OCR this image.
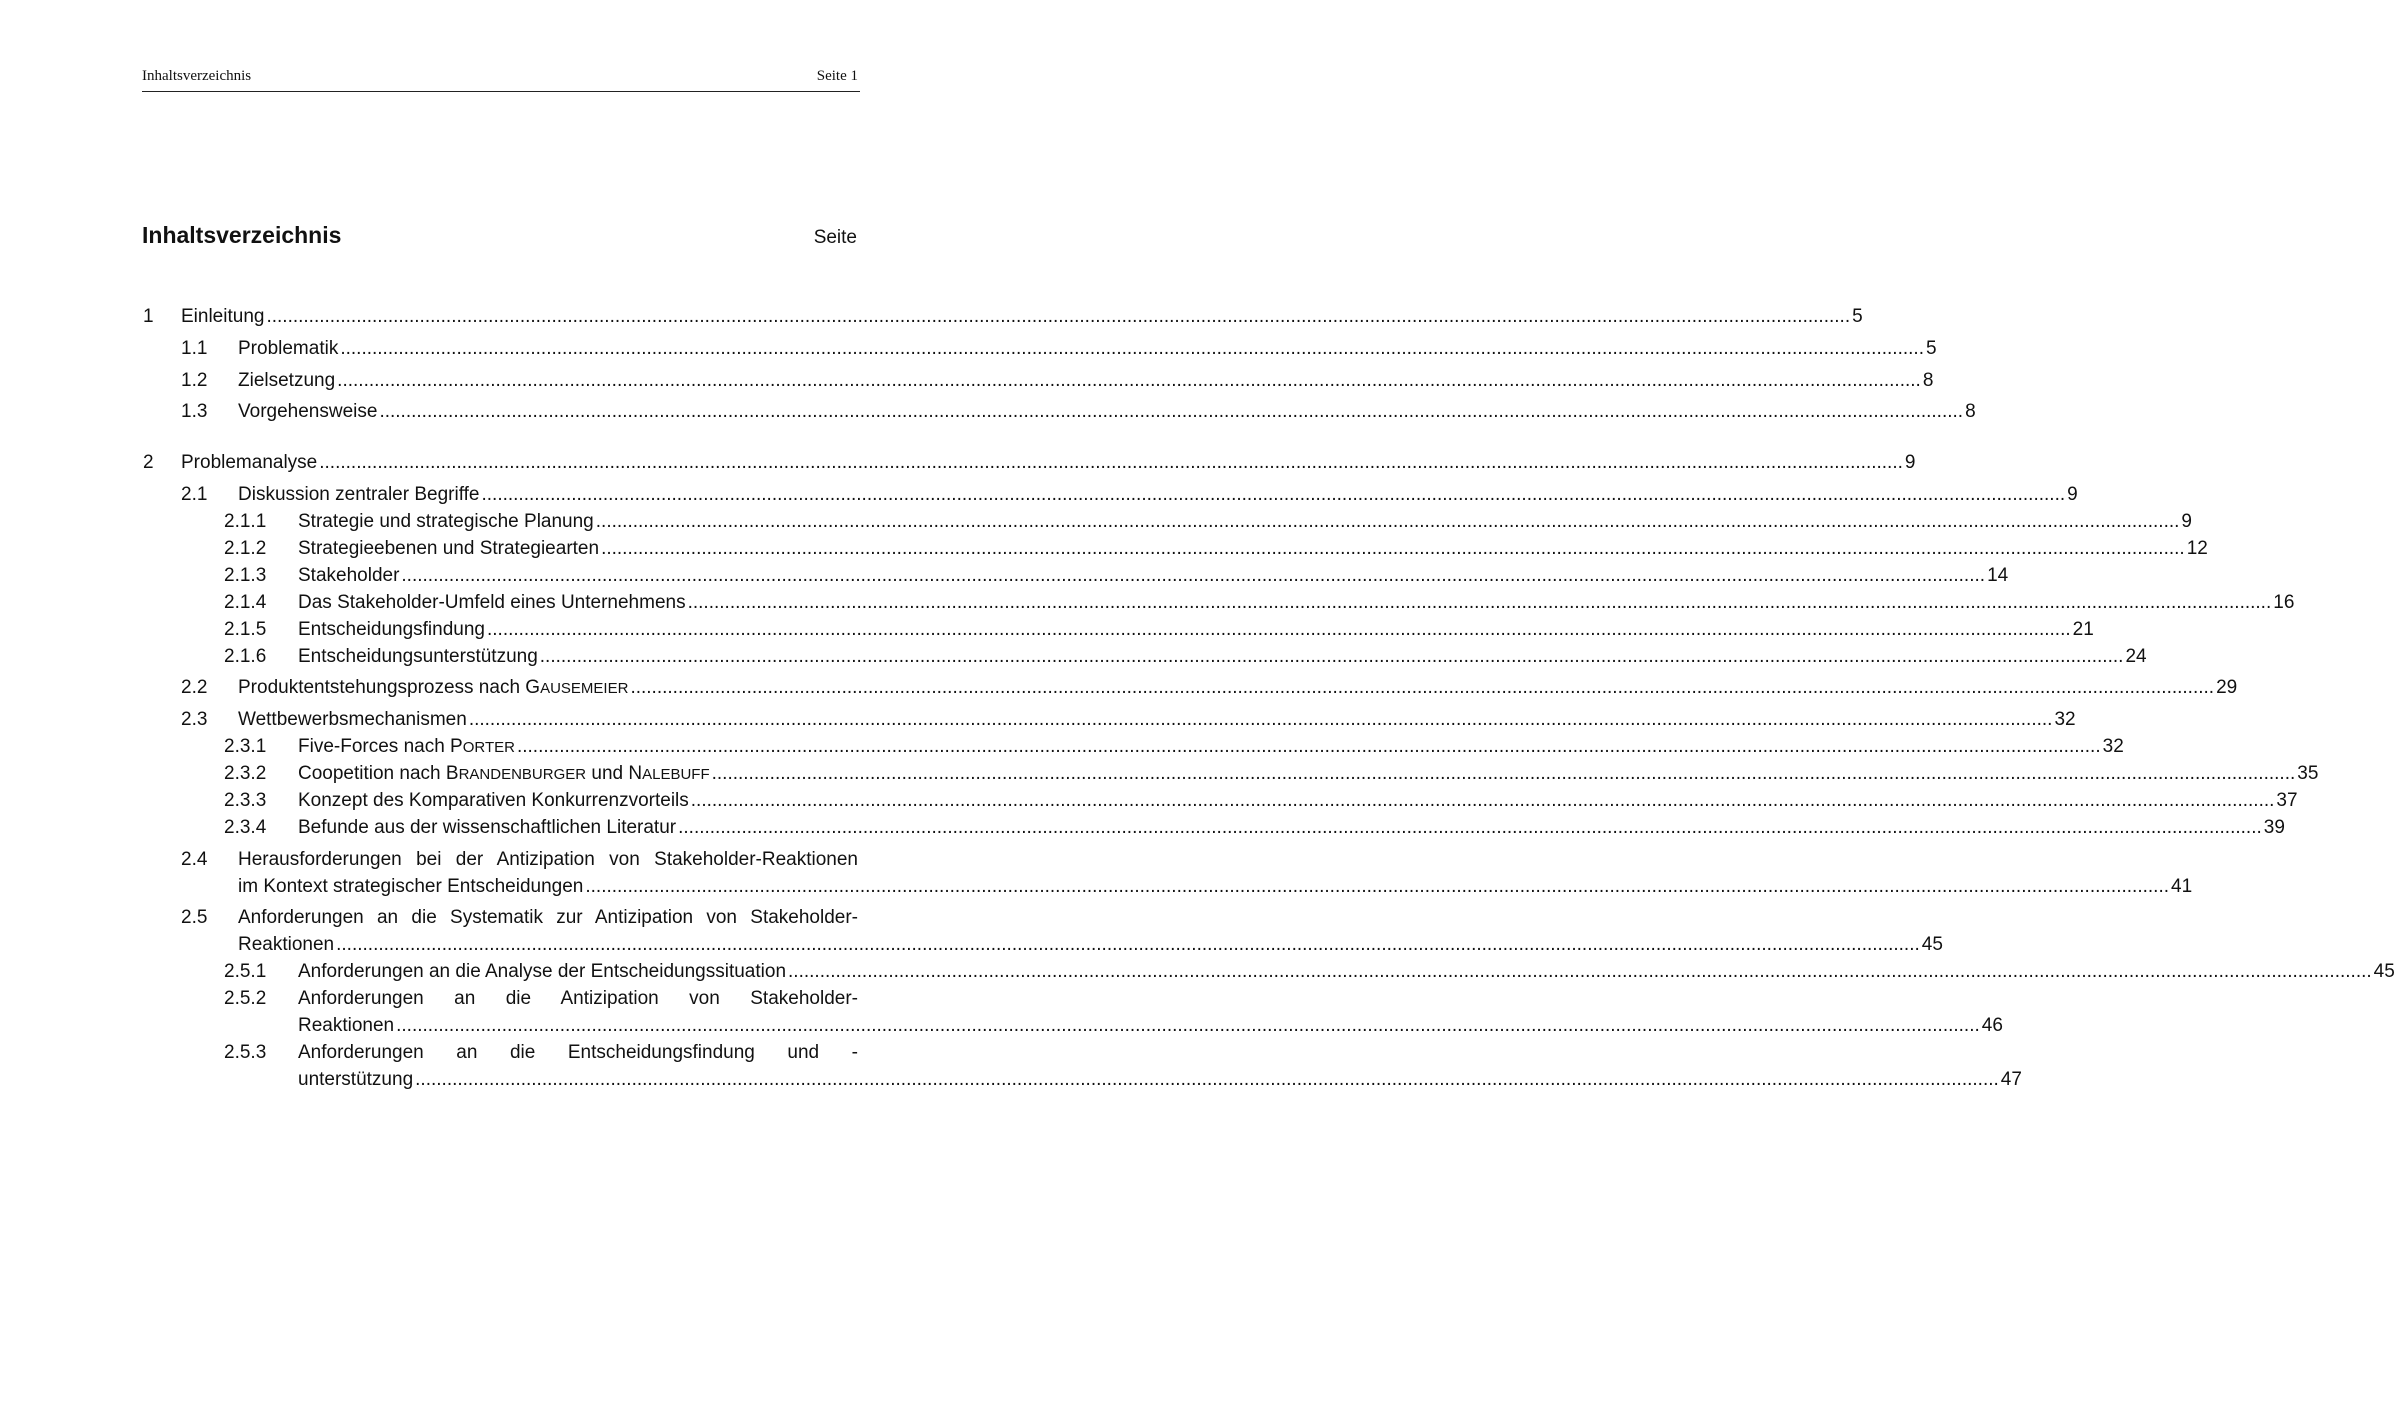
Inhaltsverzeichnis	Seite 1
Inhaltsverzeichnis	Seite
1 Einleitung ............................................................................................................................................................................................................................................................................................................ 5
1.1 Problematik ............................................................................................................................................................................................................................................................................................................ 5
1.2 Zielsetzung ............................................................................................................................................................................................................................................................................................................ 8
1.3 Vorgehensweise ............................................................................................................................................................................................................................................................................................................ 8
2 Problemanalyse ............................................................................................................................................................................................................................................................................................................ 9
2.1 Diskussion zentraler Begriffe ............................................................................................................................................................................................................................................................................................................ 9
2.1.1 Strategie und strategische Planung ............................................................................................................................................................................................................................................................................................................ 9
2.1.2 Strategieebenen und Strategiearten ............................................................................................................................................................................................................................................................................................................ 12
2.1.3 Stakeholder ............................................................................................................................................................................................................................................................................................................ 14
2.1.4 Das Stakeholder-Umfeld eines Unternehmens ............................................................................................................................................................................................................................................................................................................ 16
2.1.5 Entscheidungsfindung ............................................................................................................................................................................................................................................................................................................ 21
2.1.6 Entscheidungsunterstützung ............................................................................................................................................................................................................................................................................................................ 24
2.2 Produktentstehungsprozess nach GAUSEMEIER ............................................................................................................................................................................................................................................................................................................ 29
2.3 Wettbewerbsmechanismen ............................................................................................................................................................................................................................................................................................................ 32
2.3.1 Five-Forces nach PORTER ............................................................................................................................................................................................................................................................................................................ 32
2.3.2 Coopetition nach BRANDENBURGER und NALEBUFF ............................................................................................................................................................................................................................................................................................................ 35
2.3.3 Konzept des Komparativen Konkurrenzvorteils ............................................................................................................................................................................................................................................................................................................ 37
2.3.4 Befunde aus der wissenschaftlichen Literatur ............................................................................................................................................................................................................................................................................................................ 39
2.4 Herausforderungen bei der Antizipation von Stakeholder-Reaktionen
im Kontext strategischer Entscheidungen ............................................................................................................................................................................................................................................................................................................ 41
2.5 Anforderungen an die Systematik zur Antizipation von Stakeholder-
Reaktionen ............................................................................................................................................................................................................................................................................................................ 45
2.5.1 Anforderungen an die Analyse der Entscheidungssituation ............................................................................................................................................................................................................................................................................................................ 45
2.5.2 Anforderungen an die Antizipation von Stakeholder-
Reaktionen ............................................................................................................................................................................................................................................................................................................ 46
2.5.3 Anforderungen an die Entscheidungsfindung und -
unterstützung ............................................................................................................................................................................................................................................................................................................ 47
